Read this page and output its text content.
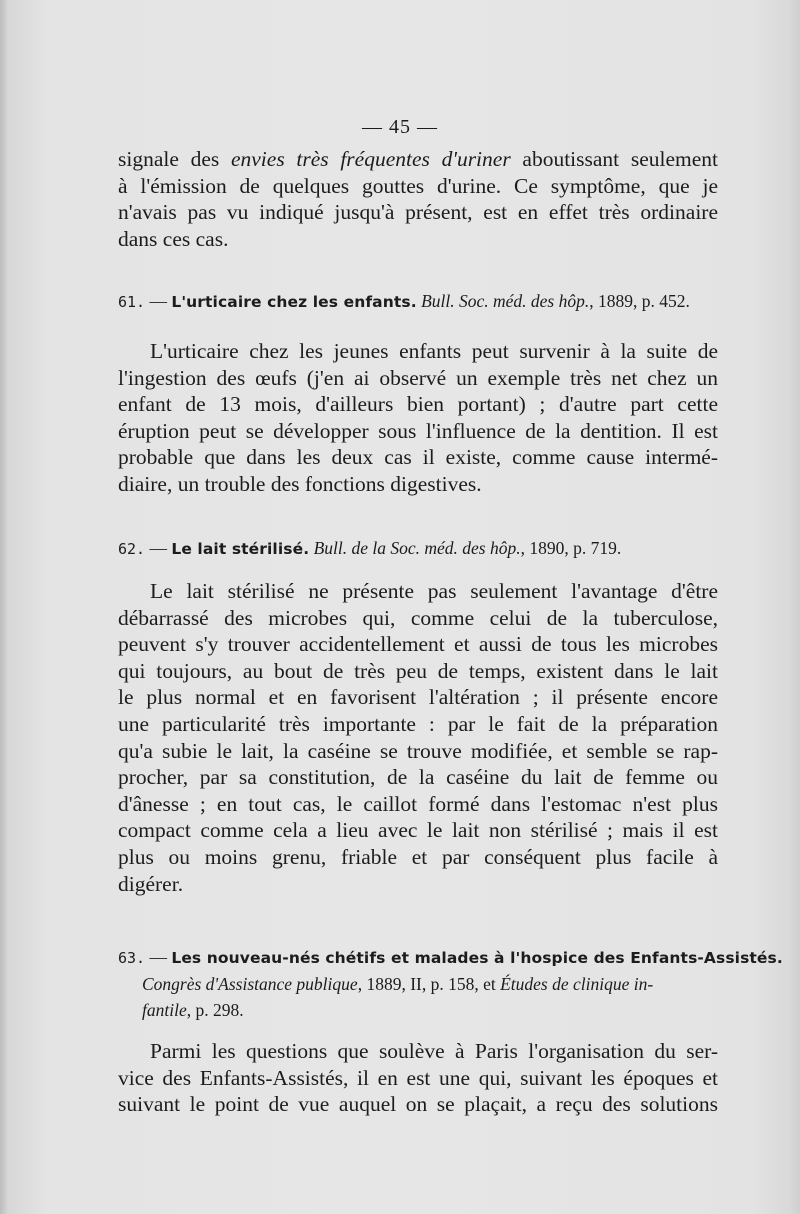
— 45 —
signale des envies très fréquentes d'uriner aboutissant seulement
à l'émission de quelques gouttes d'urine. Ce symptôme, que je
n'avais pas vu indiqué jusqu'à présent, est en effet très ordinaire
dans ces cas.
61. — L'urticaire chez les enfants. Bull. Soc. méd. des hôp., 1889, p. 452.
L'urticaire chez les jeunes enfants peut survenir à la suite de
l'ingestion des œufs (j'en ai observé un exemple très net chez un
enfant de 13 mois, d'ailleurs bien portant) ; d'autre part cette
éruption peut se développer sous l'influence de la dentition. Il est
probable que dans les deux cas il existe, comme cause intermé-
diaire, un trouble des fonctions digestives.
62. — Le lait stérilisé. Bull. de la Soc. méd. des hôp., 1890, p. 719.
Le lait stérilisé ne présente pas seulement l'avantage d'être
débarrassé des microbes qui, comme celui de la tuberculose,
peuvent s'y trouver accidentellement et aussi de tous les microbes
qui toujours, au bout de très peu de temps, existent dans le lait
le plus normal et en favorisent l'altération ; il présente encore
une particularité très importante : par le fait de la préparation
qu'a subie le lait, la caséine se trouve modifiée, et semble se rap-
procher, par sa constitution, de la caséine du lait de femme ou
d'ânesse ; en tout cas, le caillot formé dans l'estomac n'est plus
compact comme cela a lieu avec le lait non stérilisé ; mais il est
plus ou moins grenu, friable et par conséquent plus facile à
digérer.
63. — Les nouveau-nés chétifs et malades à l'hospice des Enfants-Assistés.
Congrès d'Assistance publique, 1889, II, p. 158, et Études de clinique in-
fantile, p. 298.
Parmi les questions que soulève à Paris l'organisation du ser-
vice des Enfants-Assistés, il en est une qui, suivant les époques et
suivant le point de vue auquel on se plaçait, a reçu des solutions
